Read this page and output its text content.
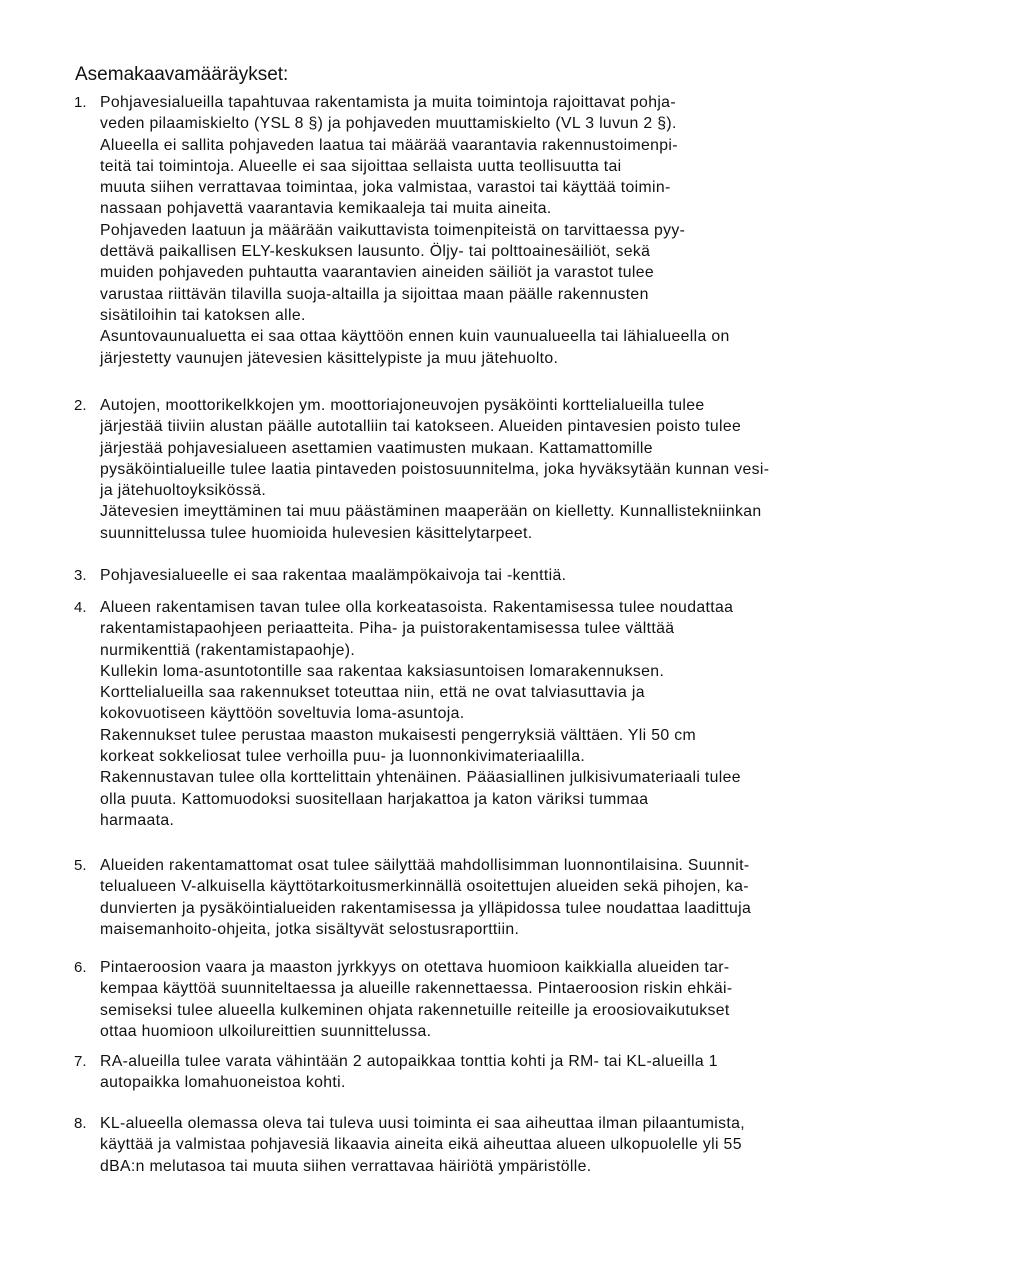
Asemakaavamääräykset:
1. Pohjavesialueilla tapahtuvaa rakentamista ja muita toimintoja rajoittavat pohja-
veden pilaamiskielto (YSL 8 §) ja pohjaveden muuttamiskielto (VL 3 luvun 2 §).
Alueella ei sallita pohjaveden laatua tai määrää vaarantavia rakennustoimenpi-
teitä tai toimintoja. Alueelle ei saa sijoittaa sellaista uutta teollisuutta tai
muuta siihen verrattavaa toimintaa, joka valmistaa, varastoi tai käyttää toimin-
nassaan pohjavettä vaarantavia kemikaaleja tai muita aineita.
Pohjaveden laatuun ja määrään vaikuttavista toimenpiteistä on tarvittaessa pyy-
dettävä paikallisen ELY-keskuksen lausunto. Öljy- tai polttoainesäiliöt, sekä
muiden pohjaveden puhtautta vaarantavien aineiden säiliöt ja varastot tulee
varustaa riittävän tilavilla suoja-altailla ja sijoittaa maan päälle rakennusten
sisätiloihin tai katoksen alle.
Asuntovaunualuetta ei saa ottaa käyttöön ennen kuin vaunualueella tai lähialueella on
järjestetty vaunujen jätevesien käsittelypiste ja muu jätehuolto.
2. Autojen, moottorikelkkojen ym. moottoriajoneuvojen pysäköinti korttelialueilla tulee
järjestää tiiviin alustan päälle autotalliin tai katokseen. Alueiden pintavesien poisto tulee
järjestää pohjavesialueen asettamien vaatimusten mukaan. Kattamattomille
pysäköintialueille tulee laatia pintaveden poistosuunnitelma, joka hyväksytään kunnan vesi-
ja jätehuoltoyksikössä.
Jätevesien imeyttäminen tai muu päästäminen maaperään on kielletty. Kunnallistekniinkan
suunnittelussa tulee huomioida hulevesien käsittelytarpeet.
3. Pohjavesialueelle ei saa rakentaa maalämpökaivoja tai -kenttiä.
4. Alueen rakentamisen tavan tulee olla korkeatasoista. Rakentamisessa tulee noudattaa
rakentamistapaohjeen periaatteita. Piha- ja puistorakentamisessa tulee välttää
nurmikenttiä (rakentamistapaohje).
Kullekin loma-asuntotontille saa rakentaa kaksiasuntoisen lomarakennuksen.
Korttelialueilla saa rakennukset toteuttaa niin, että ne ovat talviasuttavia ja
kokovuotiseen käyttöön soveltuvia loma-asuntoja.
Rakennukset tulee perustaa maaston mukaisesti pengerryksiä välttäen. Yli 50 cm
korkeat sokkeliosat tulee verhoilla puu- ja luonnonkivimateriaalilla.
Rakennustavan tulee olla korttelittain yhtenäinen. Pääasiallinen julkisivumateriaali tulee
olla puuta. Kattomuodoksi suositellaan harjakattoa ja katon väriksi tummaa
harmaata.
5. Alueiden rakentamattomat osat tulee säilyttää mahdollisimman luonnontilaisina. Suunnit-
telualueen V-alkuisella käyttötarkoitusmerkinnällä osoitettujen alueiden sekä pihojen, ka-
dunvierten ja pysäköintialueiden rakentamisessa ja ylläpidossa tulee noudattaa laadittuja
maisemanhoito-ohjeita, jotka sisältyvät selostusraporttiin.
6. Pintaeroosion vaara ja maaston jyrkkyys on otettava huomioon kaikkialla alueiden tar-
kempaa käyttöä suunniteltaessa ja alueille rakennettaessa. Pintaeroosion riskin ehkäi-
semiseksi tulee alueella kulkeminen ohjata rakennetuille reiteille ja eroosiovaikutukset
ottaa huomioon ulkoilureittien suunnittelussa.
7. RA-alueilla tulee varata vähintään 2 autopaikkaa tonttia kohti ja RM- tai KL-alueilla 1
autopaikka lomahuoneistoa kohti.
8. KL-alueella olemassa oleva tai tuleva uusi toiminta ei saa aiheuttaa ilman pilaantumista,
käyttää ja valmistaa pohjavesiä likaavia aineita eikä aiheuttaa alueen ulkopuolelle yli 55
dBA:n melutasoa tai muuta siihen verrattavaa häiriötä ympäristölle.
